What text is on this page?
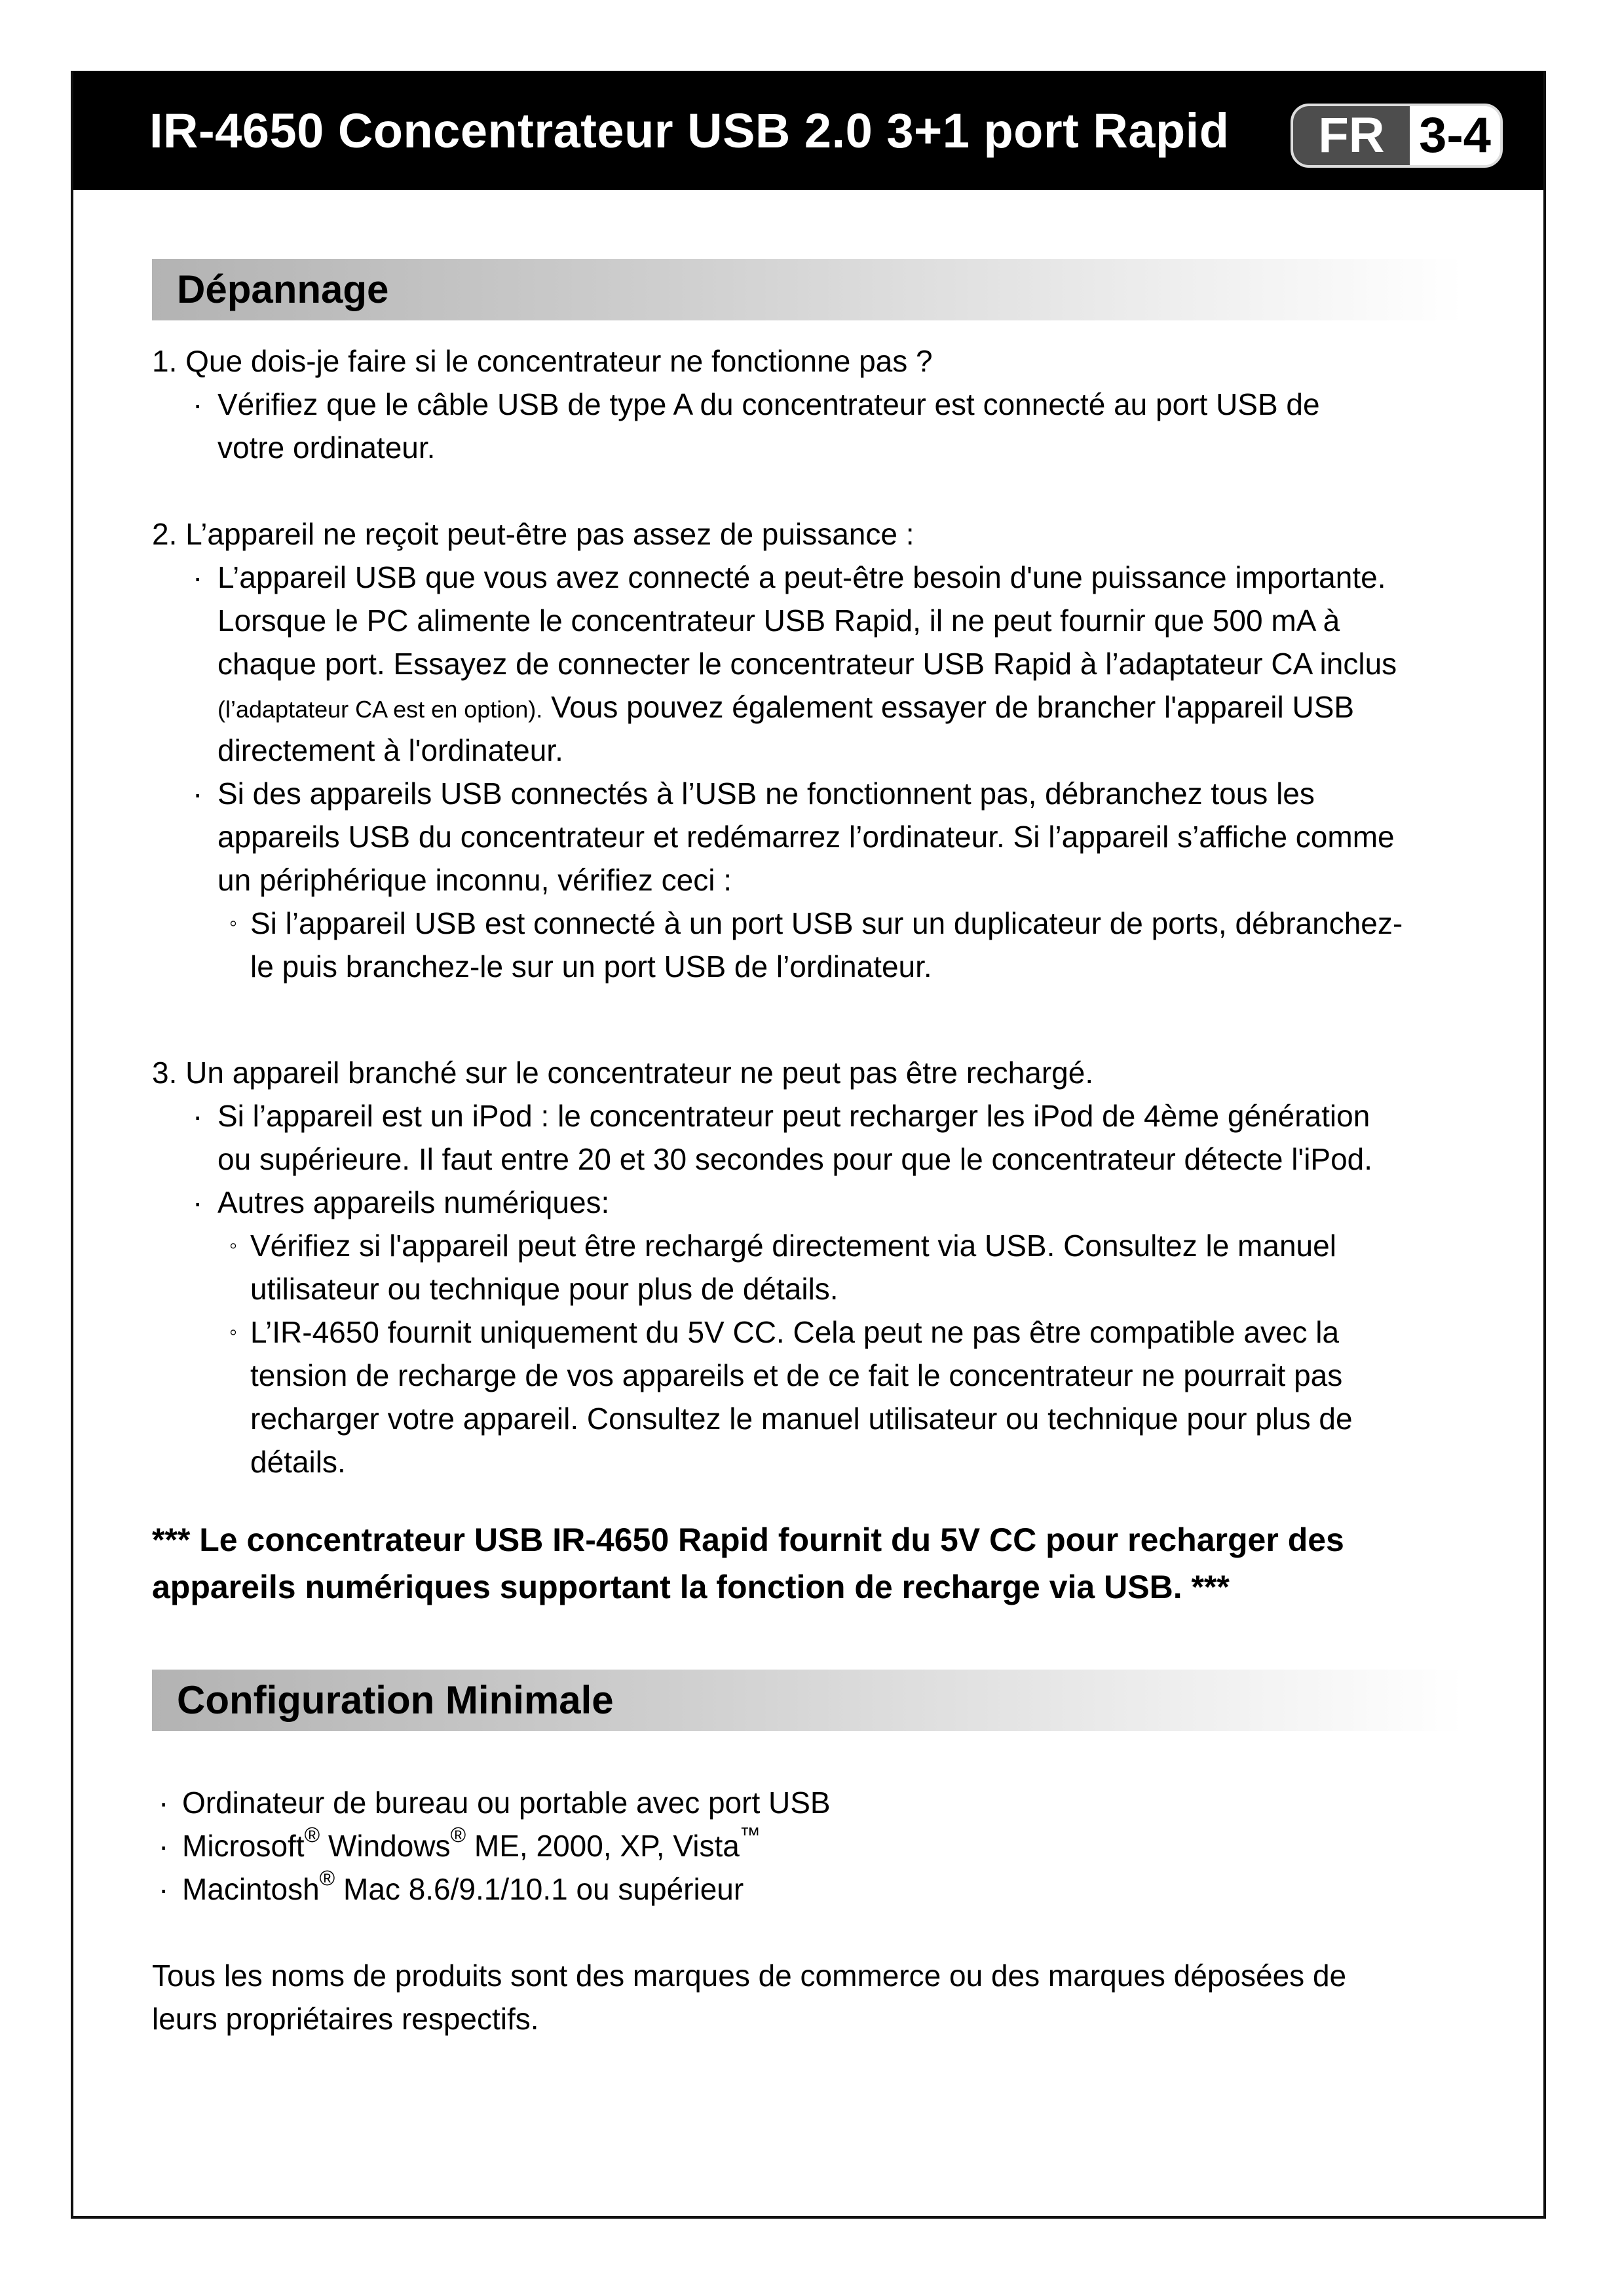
IR-4650 Concentrateur USB 2.0 3+1 port Rapid	FR 3-4
Dépannage
1. Que dois-je faire si le concentrateur ne fonctionne pas ?
· Vérifiez que le câble USB de type A du concentrateur est connecté au port USB de
votre ordinateur.
2. L’appareil ne reçoit peut-être pas assez de puissance :
· L’appareil USB que vous avez connecté a peut-être besoin d'une puissance importante.
Lorsque le PC alimente le concentrateur USB Rapid, il ne peut fournir que 500 mA à
chaque port. Essayez de connecter le concentrateur USB Rapid à l’adaptateur CA inclus
(l’adaptateur CA est en option). Vous pouvez également essayer de brancher l'appareil USB
directement à l'ordinateur.
· Si des appareils USB connectés à l’USB ne fonctionnent pas, débranchez tous les
appareils USB du concentrateur et redémarrez l’ordinateur. Si l’appareil s’affiche comme
un périphérique inconnu, vérifiez ceci :
◦ Si l’appareil USB est connecté à un port USB sur un duplicateur de ports, débranchez-
le puis branchez-le sur un port USB de l’ordinateur.
3. Un appareil branché sur le concentrateur ne peut pas être rechargé.
· Si l’appareil est un iPod : le concentrateur peut recharger les iPod de 4ème génération
ou supérieure. Il faut entre 20 et 30 secondes pour que le concentrateur détecte l'iPod.
· Autres appareils numériques:
◦ Vérifiez si l'appareil peut être rechargé directement via USB. Consultez le manuel
utilisateur ou technique pour plus de détails.
◦ L’IR-4650 fournit uniquement du 5V CC. Cela peut ne pas être compatible avec la
tension de recharge de vos appareils et de ce fait le concentrateur ne pourrait pas
recharger votre appareil. Consultez le manuel utilisateur ou technique pour plus de
détails.
*** Le concentrateur USB IR-4650 Rapid fournit du 5V CC pour recharger des
appareils numériques supportant la fonction de recharge via USB. ***
Configuration Minimale
· Ordinateur de bureau ou portable avec port USB
· Microsoft® Windows® ME, 2000, XP, Vista™
· Macintosh® Mac 8.6/9.1/10.1 ou supérieur
Tous les noms de produits sont des marques de commerce ou des marques déposées de
leurs propriétaires respectifs.
